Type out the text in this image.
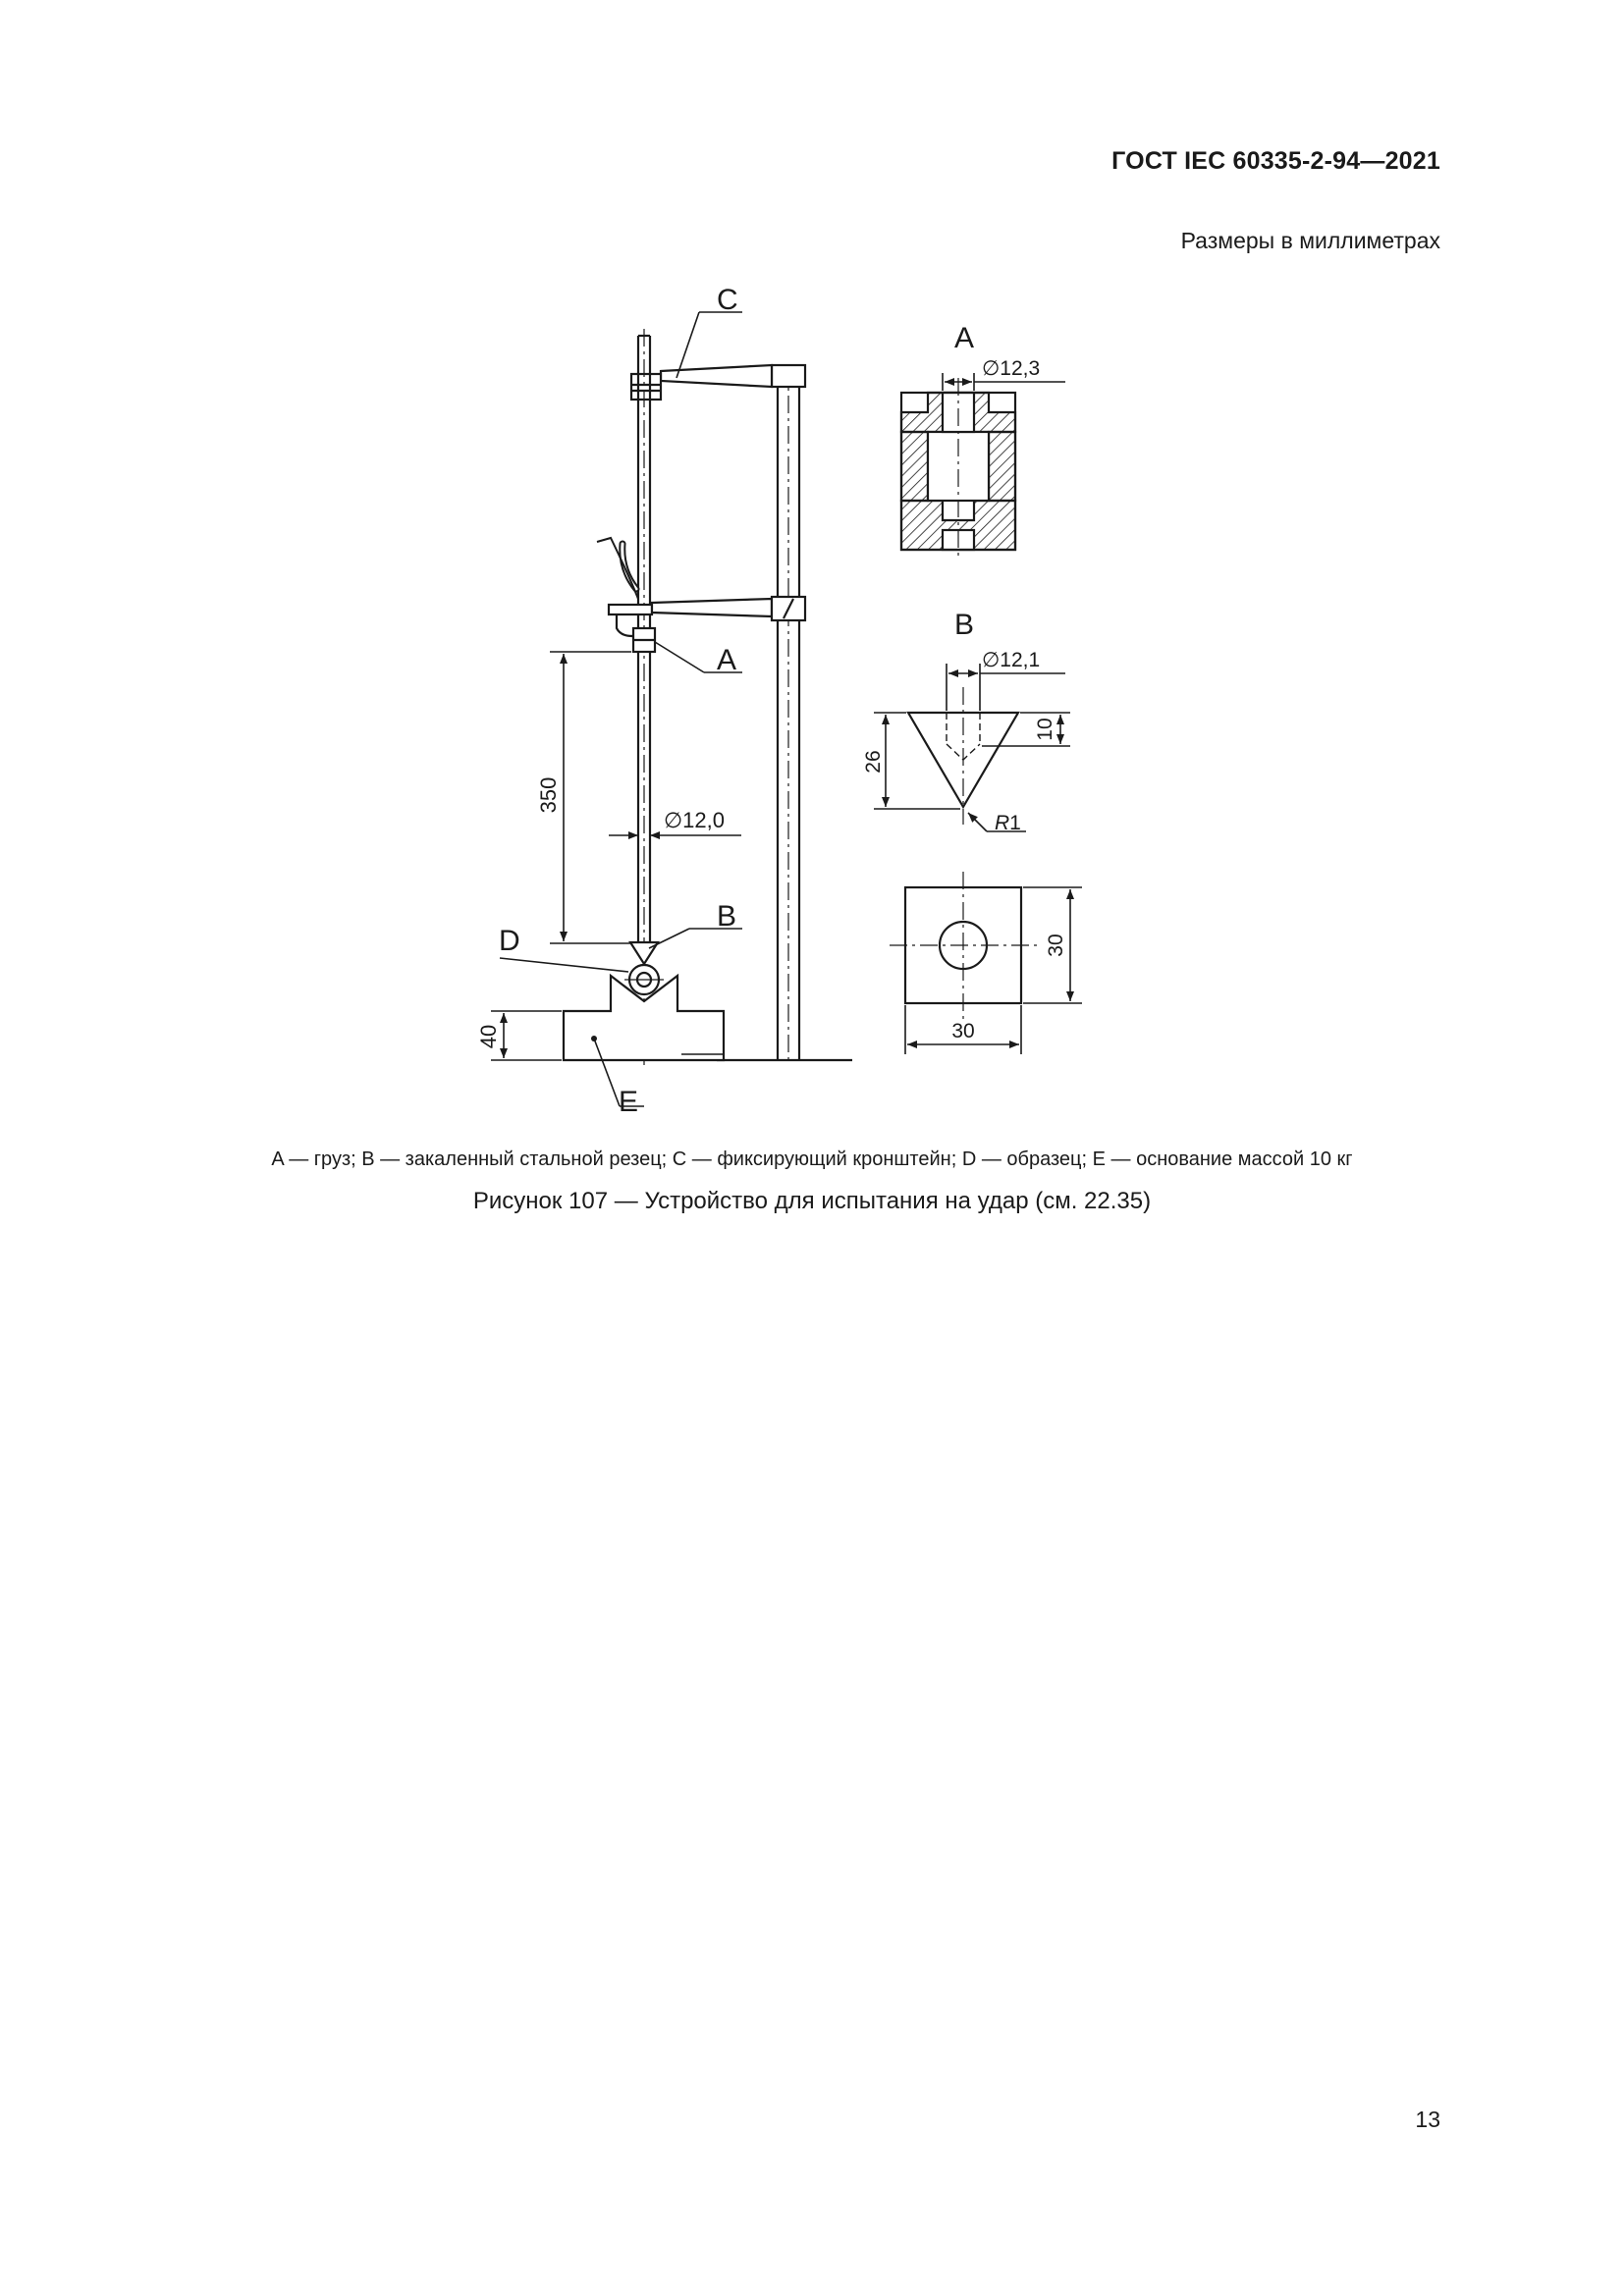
ГОСТ IEC 60335-2-94—2021
Размеры в миллиметрах
C
A
B
D
E
350
∅12,0
40
A
∅12,3
B
∅12,1
26
10
R1
30
30
A — груз; B — закаленный стальной резец; C — фиксирующий кронштейн; D — образец; E — основание массой 10 кг
Рисунок 107 — Устройство для испытания на удар (см. 22.35)
13
